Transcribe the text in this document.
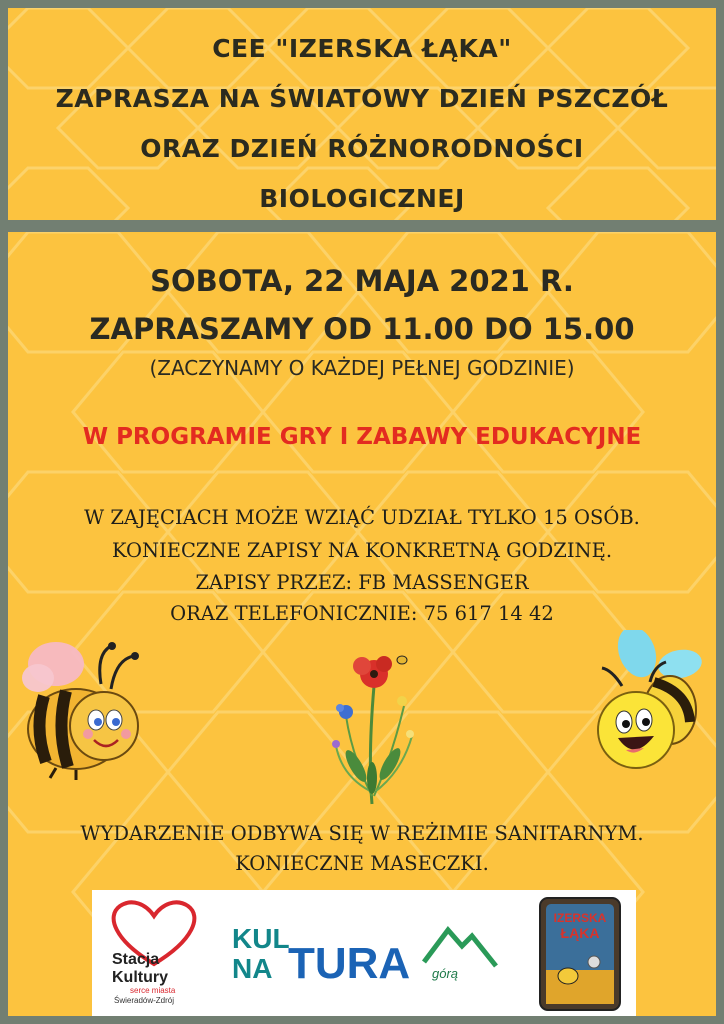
CEE "IZERSKA ŁĄKA"
ZAPRASZA NA ŚWIATOWY DZIEŃ PSZCZÓŁ
ORAZ DZIEŃ RÓŻNORODNOŚCI
BIOLOGICZNEJ
SOBOTA, 22 MAJA 2021 R.
ZAPRASZAMY OD 11.00 DO 15.00
(ZACZYNAMY O KAŻDEJ PEŁNEJ GODZINIE)
W PROGRAMIE GRY I ZABAWY EDUKACYJNE
W ZAJĘCIACH MOŻE WZIĄĆ UDZIAŁ TYLKO 15 OSÓB.
KONIECZNE ZAPISY NA KONKRETNĄ GODZINĘ.
ZAPISY PRZEZ: FB MASSENGER
ORAZ TELEFONICZNIE: 75 617 14 42
WYDARZENIE ODBYWA SIĘ W REŻIMIE SANITARNYM.
KONIECZNE MASECZKI.
Stacja
Kultury
serce miasta
Świeradów-Zdrój
KUL
NA TURA górą
IZERSKA
ŁĄKA
